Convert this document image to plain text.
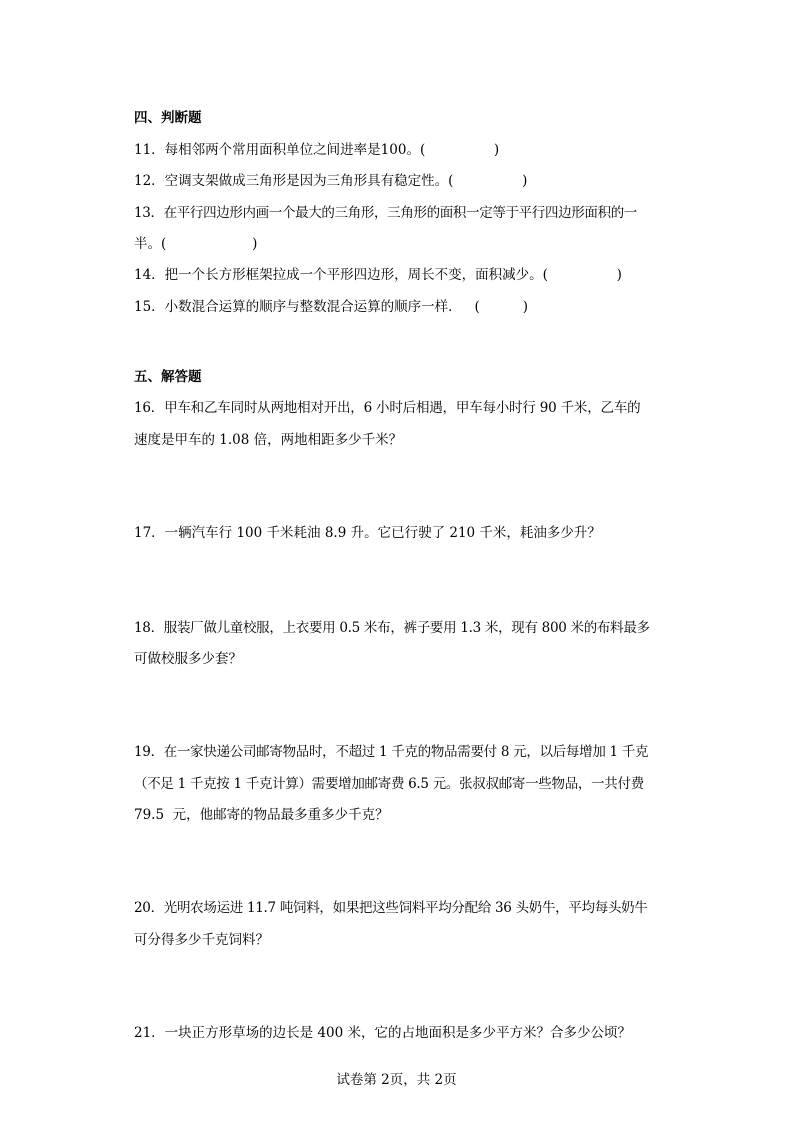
四、判断题
11．每相邻两个常用面积单位之间进率是100。(                )
12．空调支架做成三角形是因为三角形具有稳定性。(                )
13．在平行四边形内画一个最大的三角形，三角形的面积一定等于平行四边形面积的一
半。(                    )
14．把一个长方形框架拉成一个平形四边形，周长不变，面积减少。(                )
15．小数混合运算的顺序与整数混合运算的顺序一样．   (          )
五、解答题
16．甲车和乙车同时从两地相对开出，6 小时后相遇，甲车每小时行 90 千米，乙车的
速度是甲车的 1.08 倍，两地相距多少千米？
17．一辆汽车行 100 千米耗油 8.9 升。它已行驶了 210 千米，耗油多少升？
18．服装厂做儿童校服，上衣要用 0.5 米布，裤子要用 1.3 米，现有 800 米的布料最多
可做校服多少套？
19．在一家快递公司邮寄物品时，不超过 1 千克的物品需要付 8 元，以后每增加 1 千克
（不足 1 千克按 1 千克计算）需要增加邮寄费 6.5 元。张叔叔邮寄一些物品，一共付费
79.5  元，他邮寄的物品最多重多少千克？
20．光明农场运进 11.7 吨饲料，如果把这些饲料平均分配给 36 头奶牛，平均每头奶牛
可分得多少千克饲料？
21．一块正方形草场的边长是 400 米，它的占地面积是多少平方米？合多少公顷？
试卷第 2页，共 2页
